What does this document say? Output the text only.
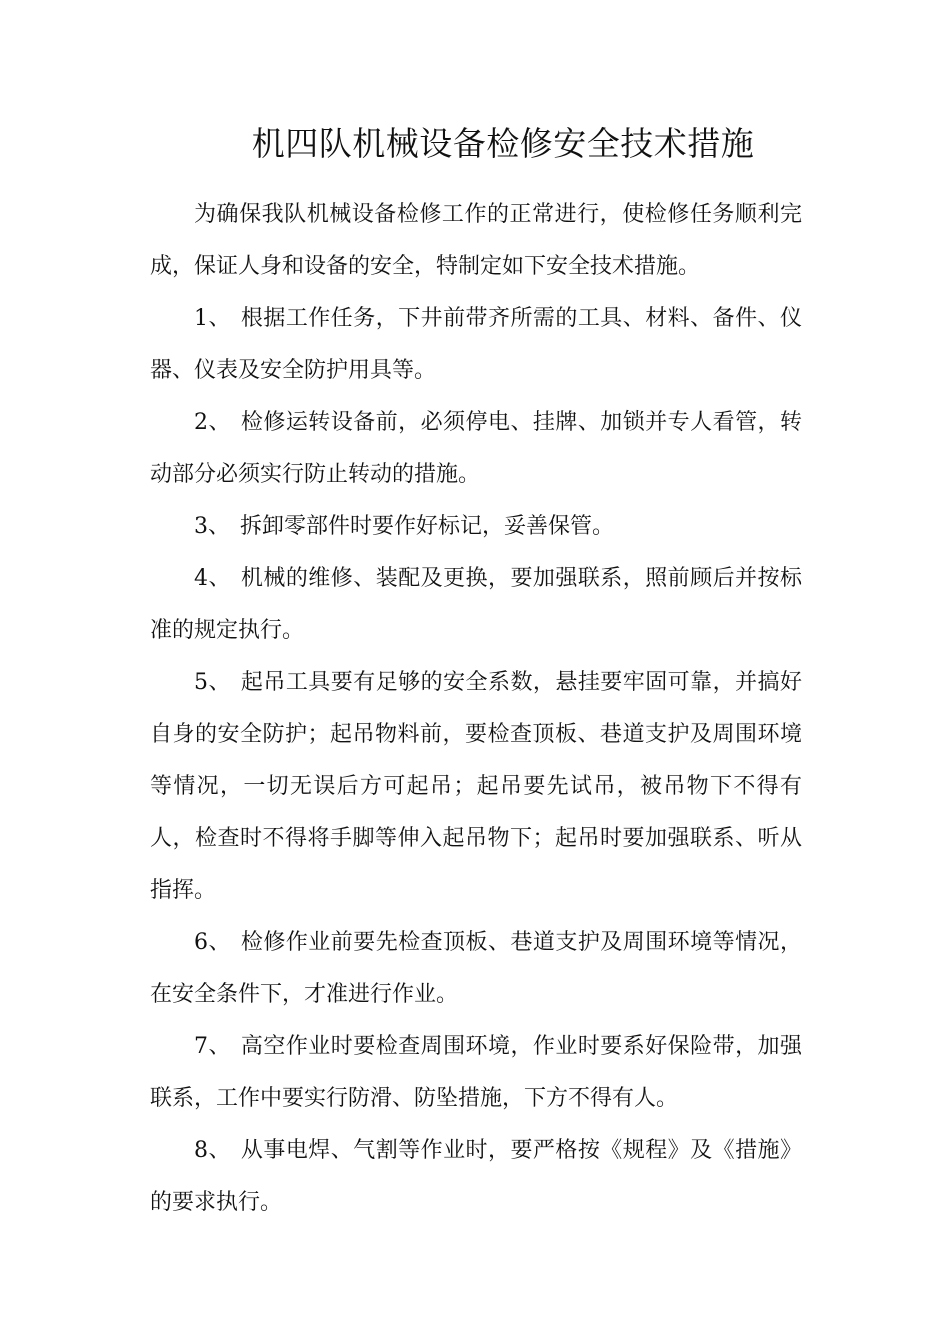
机四队机械设备检修安全技术措施

为确保我队机械设备检修工作的正常进行，使检修任务顺利完成，保证人身和设备的安全，特制定如下安全技术措施。

1、 根据工作任务，下井前带齐所需的工具、材料、备件、仪器、仪表及安全防护用具等。

2、 检修运转设备前，必须停电、挂牌、加锁并专人看管，转动部分必须实行防止转动的措施。

3、 拆卸零部件时要作好标记，妥善保管。

4、 机械的维修、装配及更换，要加强联系，照前顾后并按标准的规定执行。

5、 起吊工具要有足够的安全系数，悬挂要牢固可靠，并搞好自身的安全防护；起吊物料前，要检查顶板、巷道支护及周围环境等情况，一切无误后方可起吊；起吊要先试吊，被吊物下不得有人，检查时不得将手脚等伸入起吊物下；起吊时要加强联系、听从指挥。

6、 检修作业前要先检查顶板、巷道支护及周围环境等情况，在安全条件下，才准进行作业。

7、 高空作业时要检查周围环境，作业时要系好保险带，加强联系，工作中要实行防滑、防坠措施，下方不得有人。

8、 从事电焊、气割等作业时，要严格按《规程》及《措施》的要求执行。
